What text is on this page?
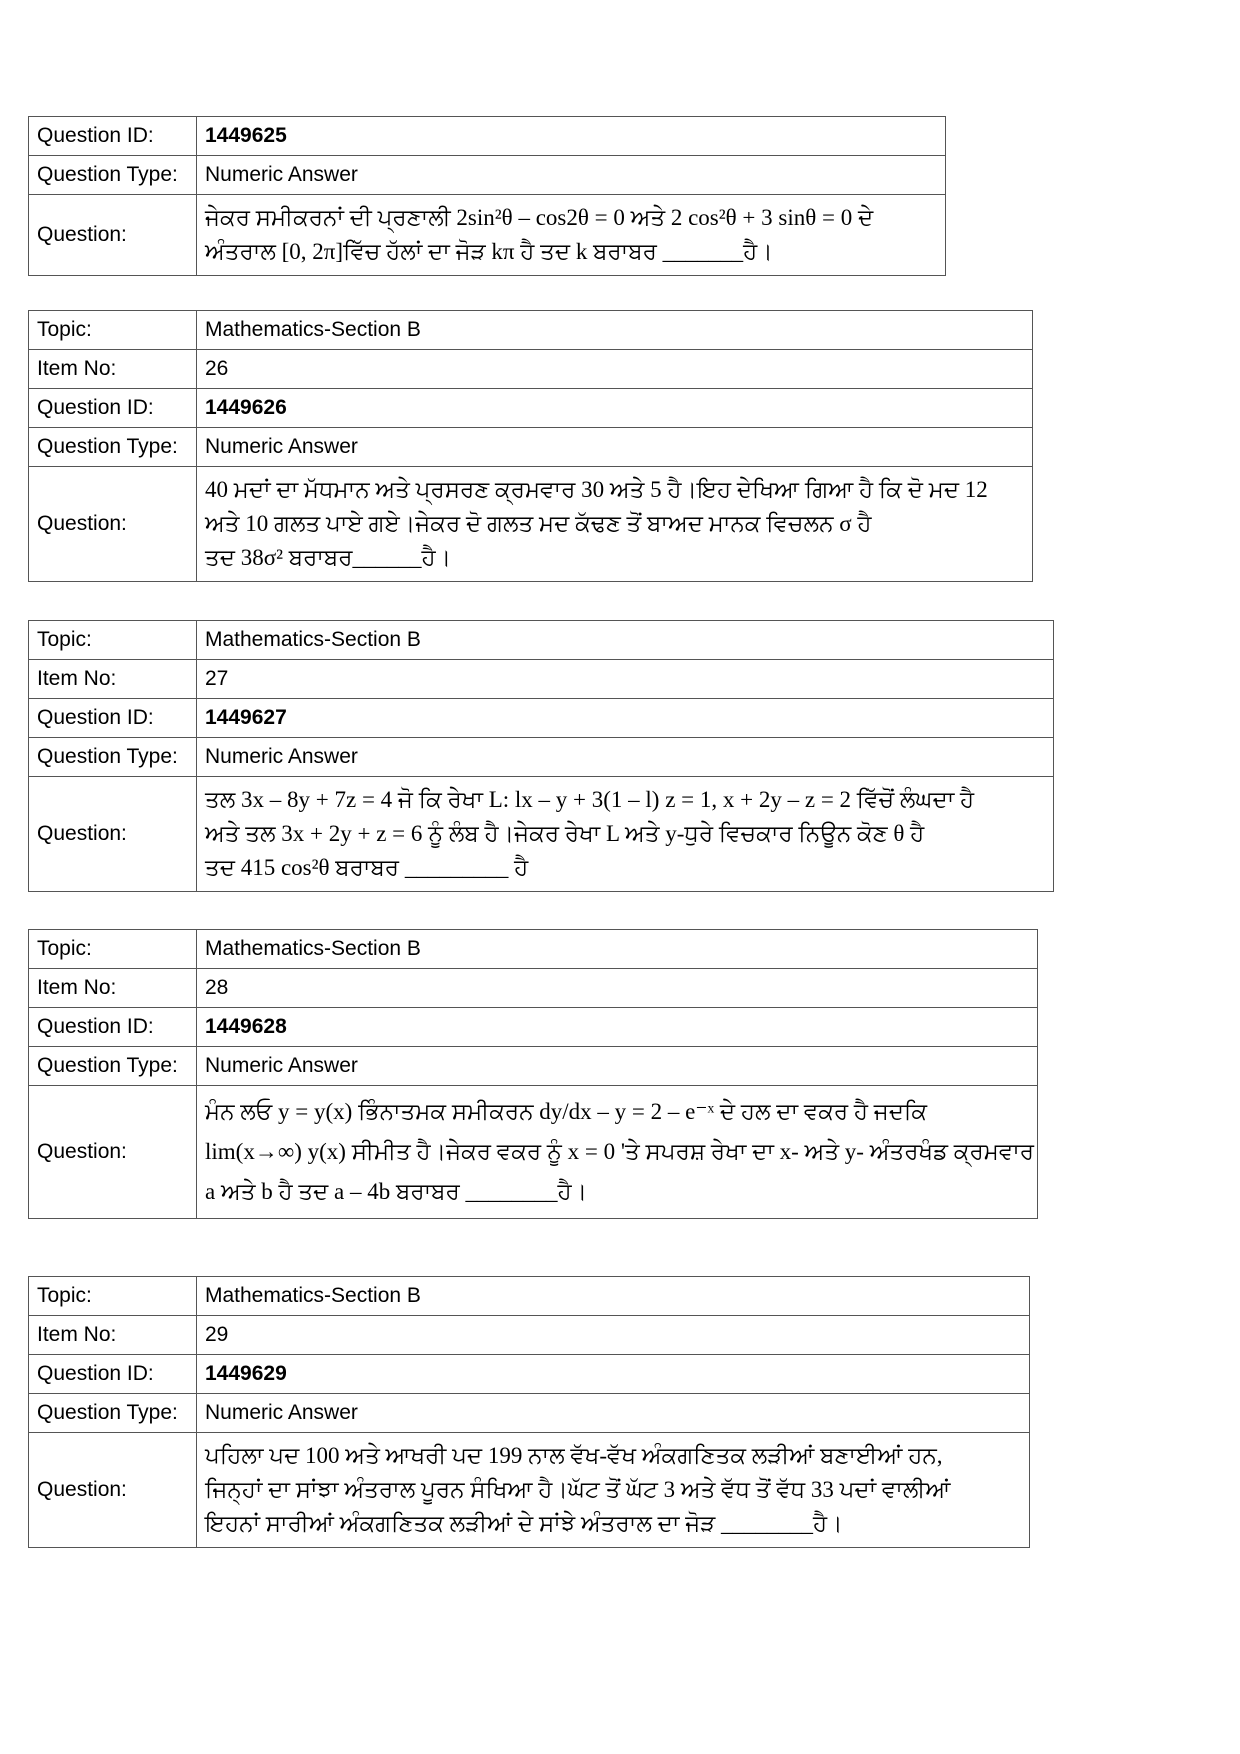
Question ID:	1449625
Question Type:	Numeric Answer
Question:	ਜੇਕਰ ਸਮੀਕਰਨਾਂ ਦੀ ਪ੍ਰਣਾਲੀ 2sin²θ – cos2θ = 0 ਅਤੇ 2 cos²θ + 3 sinθ = 0 ਦੇ
ਅੰਤਰਾਲ [0, 2π]ਵਿੱਚ ਹੱਲਾਂ ਦਾ ਜੋੜ kπ ਹੈ ਤਦ k ਬਰਾਬਰ _______ਹੈ।
Topic:	Mathematics-Section B
Item No:	26
Question ID:	1449626
Question Type:	Numeric Answer
Question:	40 ਮਦਾਂ ਦਾ ਮੱਧਮਾਨ ਅਤੇ ਪ੍ਰਸਰਣ ਕ੍ਰਮਵਾਰ 30 ਅਤੇ 5 ਹੈ।ਇਹ ਦੇਖਿਆ ਗਿਆ ਹੈ ਕਿ ਦੋ ਮਦ 12
ਅਤੇ 10 ਗਲਤ ਪਾਏ ਗਏ।ਜੇਕਰ ਦੋ ਗਲਤ ਮਦ ਕੱਢਣ ਤੋਂ ਬਾਅਦ ਮਾਨਕ ਵਿਚਲਨ σ ਹੈ
ਤਦ 38σ² ਬਰਾਬਰ______ਹੈ।
Topic:	Mathematics-Section B
Item No:	27
Question ID:	1449627
Question Type:	Numeric Answer
Question:	ਤਲ 3x – 8y + 7z = 4 ਜੋ ਕਿ ਰੇਖਾ L: lx – y + 3(1 – l) z = 1, x + 2y – z = 2 ਵਿੱਚੋਂ ਲੰਘਦਾ ਹੈ
ਅਤੇ ਤਲ 3x + 2y + z = 6 ਨੂੰ ਲੰਬ ਹੈ।ਜੇਕਰ ਰੇਖਾ L ਅਤੇ y-ਧੁਰੇ ਵਿਚਕਾਰ ਨਿਊਨ ਕੋਣ θ ਹੈ
ਤਦ 415 cos²θ ਬਰਾਬਰ _________ ਹੈ
Topic:	Mathematics-Section B
Item No:	28
Question ID:	1449628
Question Type:	Numeric Answer
Question:	ਮੰਨ ਲਓ y = y(x) ਭਿੰਨਾਤਮਕ ਸਮੀਕਰਨ dy/dx – y = 2 – e⁻ˣ ਦੇ ਹਲ ਦਾ ਵਕਰ ਹੈ ਜਦਕਿ
lim(x→∞) y(x) ਸੀਮੀਤ ਹੈ।ਜੇਕਰ ਵਕਰ ਨੂੰ x = 0 'ਤੇ ਸਪਰਸ਼ ਰੇਖਾ ਦਾ x- ਅਤੇ y- ਅੰਤਰਖੰਡ ਕ੍ਰਮਵਾਰ
a ਅਤੇ b ਹੈ ਤਦ a – 4b ਬਰਾਬਰ ________ਹੈ।
Topic:	Mathematics-Section B
Item No:	29
Question ID:	1449629
Question Type:	Numeric Answer
Question:	ਪਹਿਲਾ ਪਦ 100 ਅਤੇ ਆਖਰੀ ਪਦ 199 ਨਾਲ ਵੱਖ-ਵੱਖ ਅੰਕਗਣਿਤਕ ਲੜੀਆਂ ਬਣਾਈਆਂ ਹਨ,
ਜਿਨ੍ਹਾਂ ਦਾ ਸਾਂਝਾ ਅੰਤਰਾਲ ਪੂਰਨ ਸੰਖਿਆ ਹੈ।ਘੱਟ ਤੋਂ ਘੱਟ 3 ਅਤੇ ਵੱਧ ਤੋਂ ਵੱਧ 33 ਪਦਾਂ ਵਾਲੀਆਂ
ਇਹਨਾਂ ਸਾਰੀਆਂ ਅੰਕਗਣਿਤਕ ਲੜੀਆਂ ਦੇ ਸਾਂਝੇ ਅੰਤਰਾਲ ਦਾ ਜੋੜ ________ਹੈ।
